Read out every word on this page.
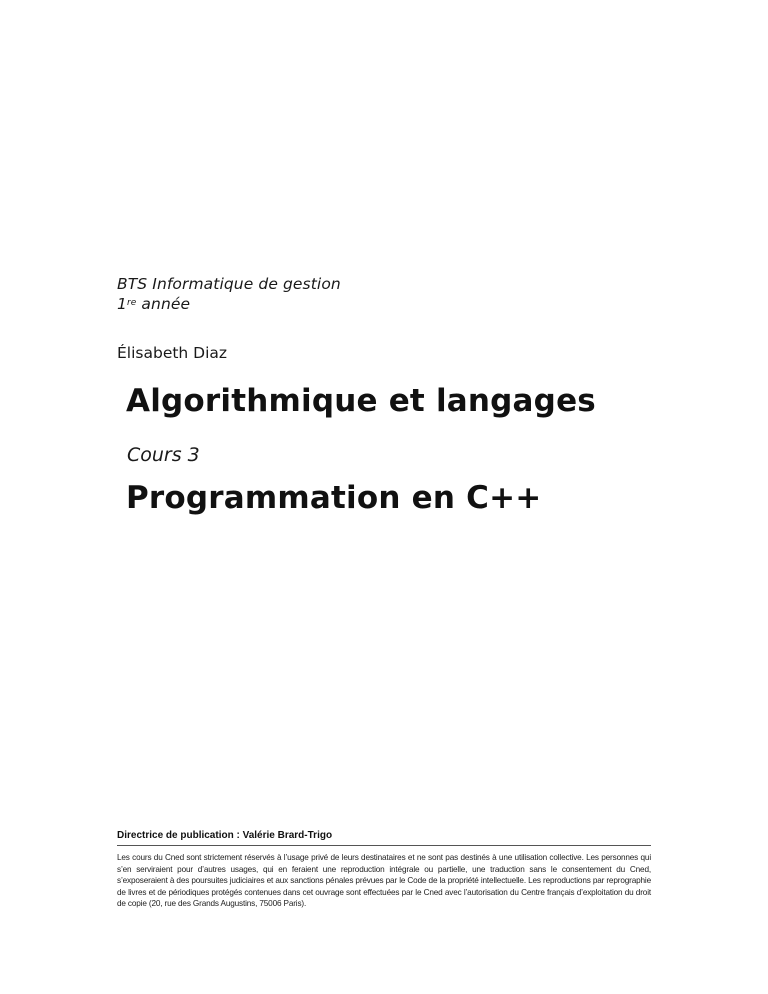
BTS Informatique de gestion
1re année
Élisabeth Diaz
Algorithmique et langages
Cours 3
Programmation en C++
Directrice de publication : Valérie Brard-Trigo
Les cours du Cned sont strictement réservés à l’usage privé de leurs destinataires et ne sont pas destinés à une utilisation collective. Les personnes qui s’en serviraient pour d’autres usages, qui en feraient une reproduction intégrale ou partielle, une traduction sans le consentement du Cned, s’exposeraient à des poursuites judiciaires et aux sanctions pénales prévues par le Code de la propriété intellectuelle. Les reproductions par reprographie de livres et de périodiques protégés contenues dans cet ouvrage sont effectuées par le Cned avec l’autorisation du Centre français d’exploitation du droit de copie (20, rue des Grands Augustins, 75006 Paris).
